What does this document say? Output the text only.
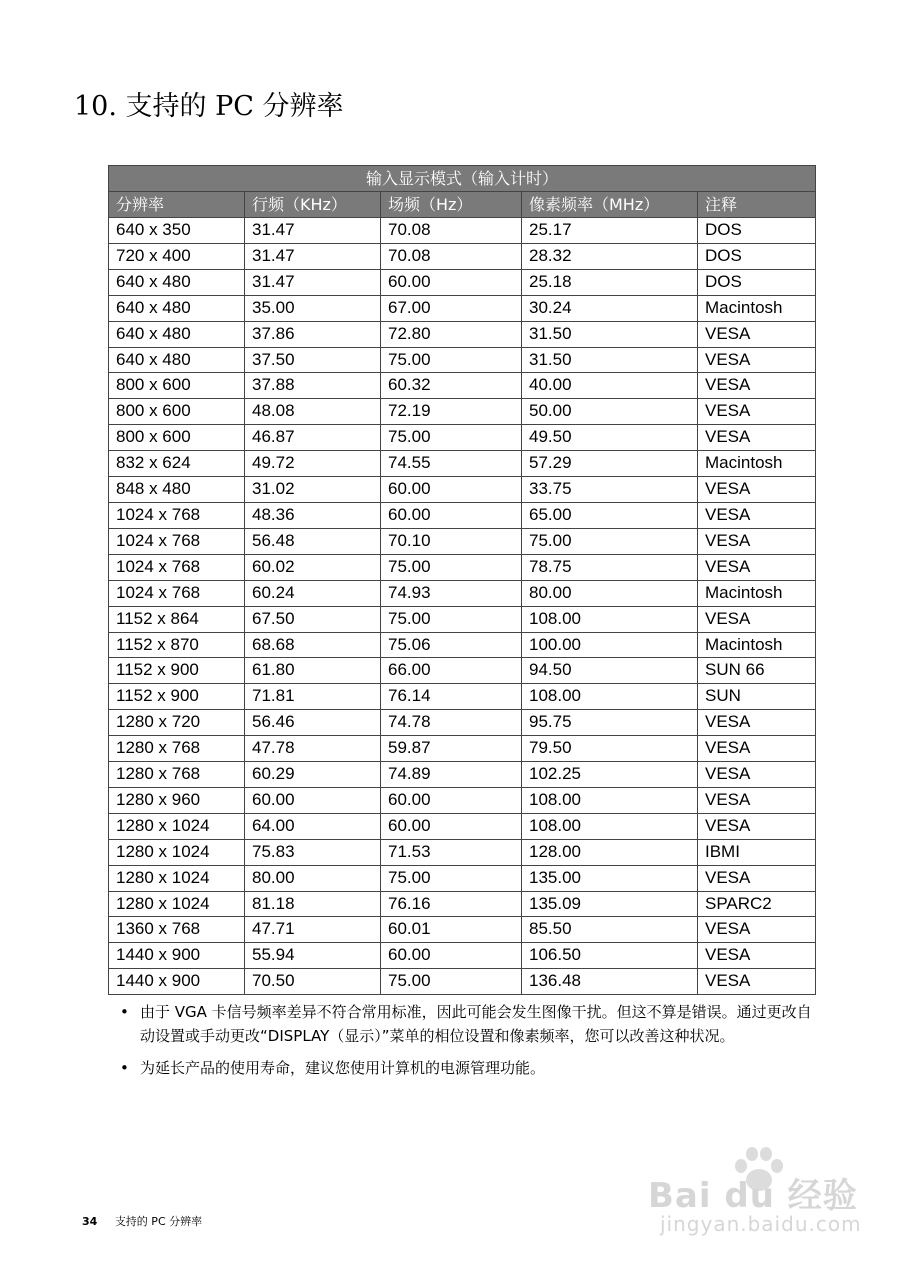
10. 支持的 PC 分辨率
输入显示模式（输入计时）				
分辨率	行频（KHz）	场频（Hz）	像素频率（MHz）	注释
640 x 350	31.47	70.08	25.17	DOS
720 x 400	31.47	70.08	28.32	DOS
640 x 480	31.47	60.00	25.18	DOS
640 x 480	35.00	67.00	30.24	Macintosh
640 x 480	37.86	72.80	31.50	VESA
640 x 480	37.50	75.00	31.50	VESA
800 x 600	37.88	60.32	40.00	VESA
800 x 600	48.08	72.19	50.00	VESA
800 x 600	46.87	75.00	49.50	VESA
832 x 624	49.72	74.55	57.29	Macintosh
848 x 480	31.02	60.00	33.75	VESA
1024 x 768	48.36	60.00	65.00	VESA
1024 x 768	56.48	70.10	75.00	VESA
1024 x 768	60.02	75.00	78.75	VESA
1024 x 768	60.24	74.93	80.00	Macintosh
1152 x 864	67.50	75.00	108.00	VESA
1152 x 870	68.68	75.06	100.00	Macintosh
1152 x 900	61.80	66.00	94.50	SUN 66
1152 x 900	71.81	76.14	108.00	SUN
1280 x 720	56.46	74.78	95.75	VESA
1280 x 768	47.78	59.87	79.50	VESA
1280 x 768	60.29	74.89	102.25	VESA
1280 x 960	60.00	60.00	108.00	VESA
1280 x 1024	64.00	60.00	108.00	VESA
1280 x 1024	75.83	71.53	128.00	IBMI
1280 x 1024	80.00	75.00	135.00	VESA
1280 x 1024	81.18	76.16	135.09	SPARC2
1360 x 768	47.71	60.01	85.50	VESA
1440 x 900	55.94	60.00	106.50	VESA
1440 x 900	70.50	75.00	136.48	VESA
• 由于 VGA 卡信号频率差异不符合常用标准，因此可能会发生图像干扰。但这不算是错误。通过更改自动设置或手动更改“DISPLAY（显示）”菜单的相位设置和像素频率，您可以改善这种状况。
• 为延长产品的使用寿命，建议您使用计算机的电源管理功能。
34 支持的 PC 分辨率
Bai du 经验
jingyan.baidu.com
